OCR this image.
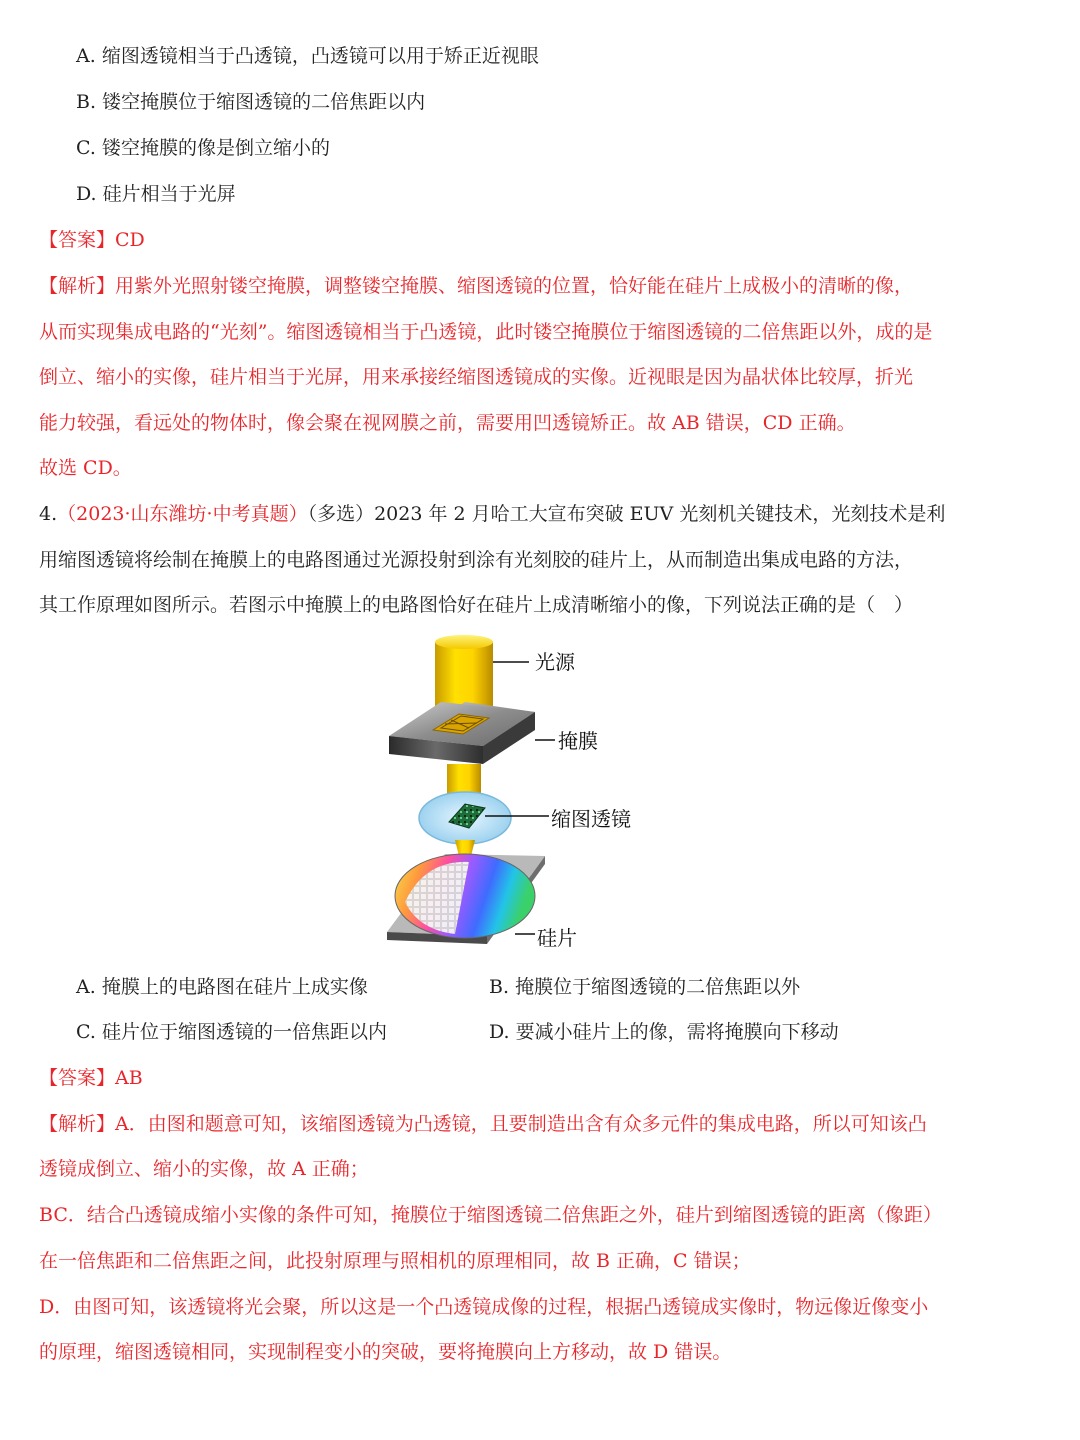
A. 缩图透镜相当于凸透镜，凸透镜可以用于矫正近视眼
B. 镂空掩膜位于缩图透镜的二倍焦距以内
C. 镂空掩膜的像是倒立缩小的
D. 硅片相当于光屏
【答案】CD
【解析】用紫外光照射镂空掩膜，调整镂空掩膜、缩图透镜的位置，恰好能在硅片上成极小的清晰的像，
从而实现集成电路的“光刻”。缩图透镜相当于凸透镜，此时镂空掩膜位于缩图透镜的二倍焦距以外，成的是
倒立、缩小的实像，硅片相当于光屏，用来承接经缩图透镜成的实像。近视眼是因为晶状体比较厚，折光
能力较强，看远处的物体时，像会聚在视网膜之前，需要用凹透镜矫正。故 AB 错误，CD 正确。
故选 CD。
4.（2023·山东潍坊·中考真题）（多选）2023 年 2 月哈工大宣布突破 EUV 光刻机关键技术，光刻技术是利
用缩图透镜将绘制在掩膜上的电路图通过光源投射到涂有光刻胶的硅片上，从而制造出集成电路的方法，
其工作原理如图所示。若图示中掩膜上的电路图恰好在硅片上成清晰缩小的像，下列说法正确的是（　）
光源
掩膜
缩图透镜
硅片
A. 掩膜上的电路图在硅片上成实像	B. 掩膜位于缩图透镜的二倍焦距以外
C. 硅片位于缩图透镜的一倍焦距以内	D. 要减小硅片上的像，需将掩膜向下移动
【答案】AB
【解析】A．由图和题意可知，该缩图透镜为凸透镜，且要制造出含有众多元件的集成电路，所以可知该凸
透镜成倒立、缩小的实像，故 A 正确；
BC．结合凸透镜成缩小实像的条件可知，掩膜位于缩图透镜二倍焦距之外，硅片到缩图透镜的距离（像距）
在一倍焦距和二倍焦距之间，此投射原理与照相机的原理相同，故 B 正确，C 错误；
D．由图可知，该透镜将光会聚，所以这是一个凸透镜成像的过程，根据凸透镜成实像时，物远像近像变小
的原理，缩图透镜相同，实现制程变小的突破，要将掩膜向上方移动，故 D 错误。
